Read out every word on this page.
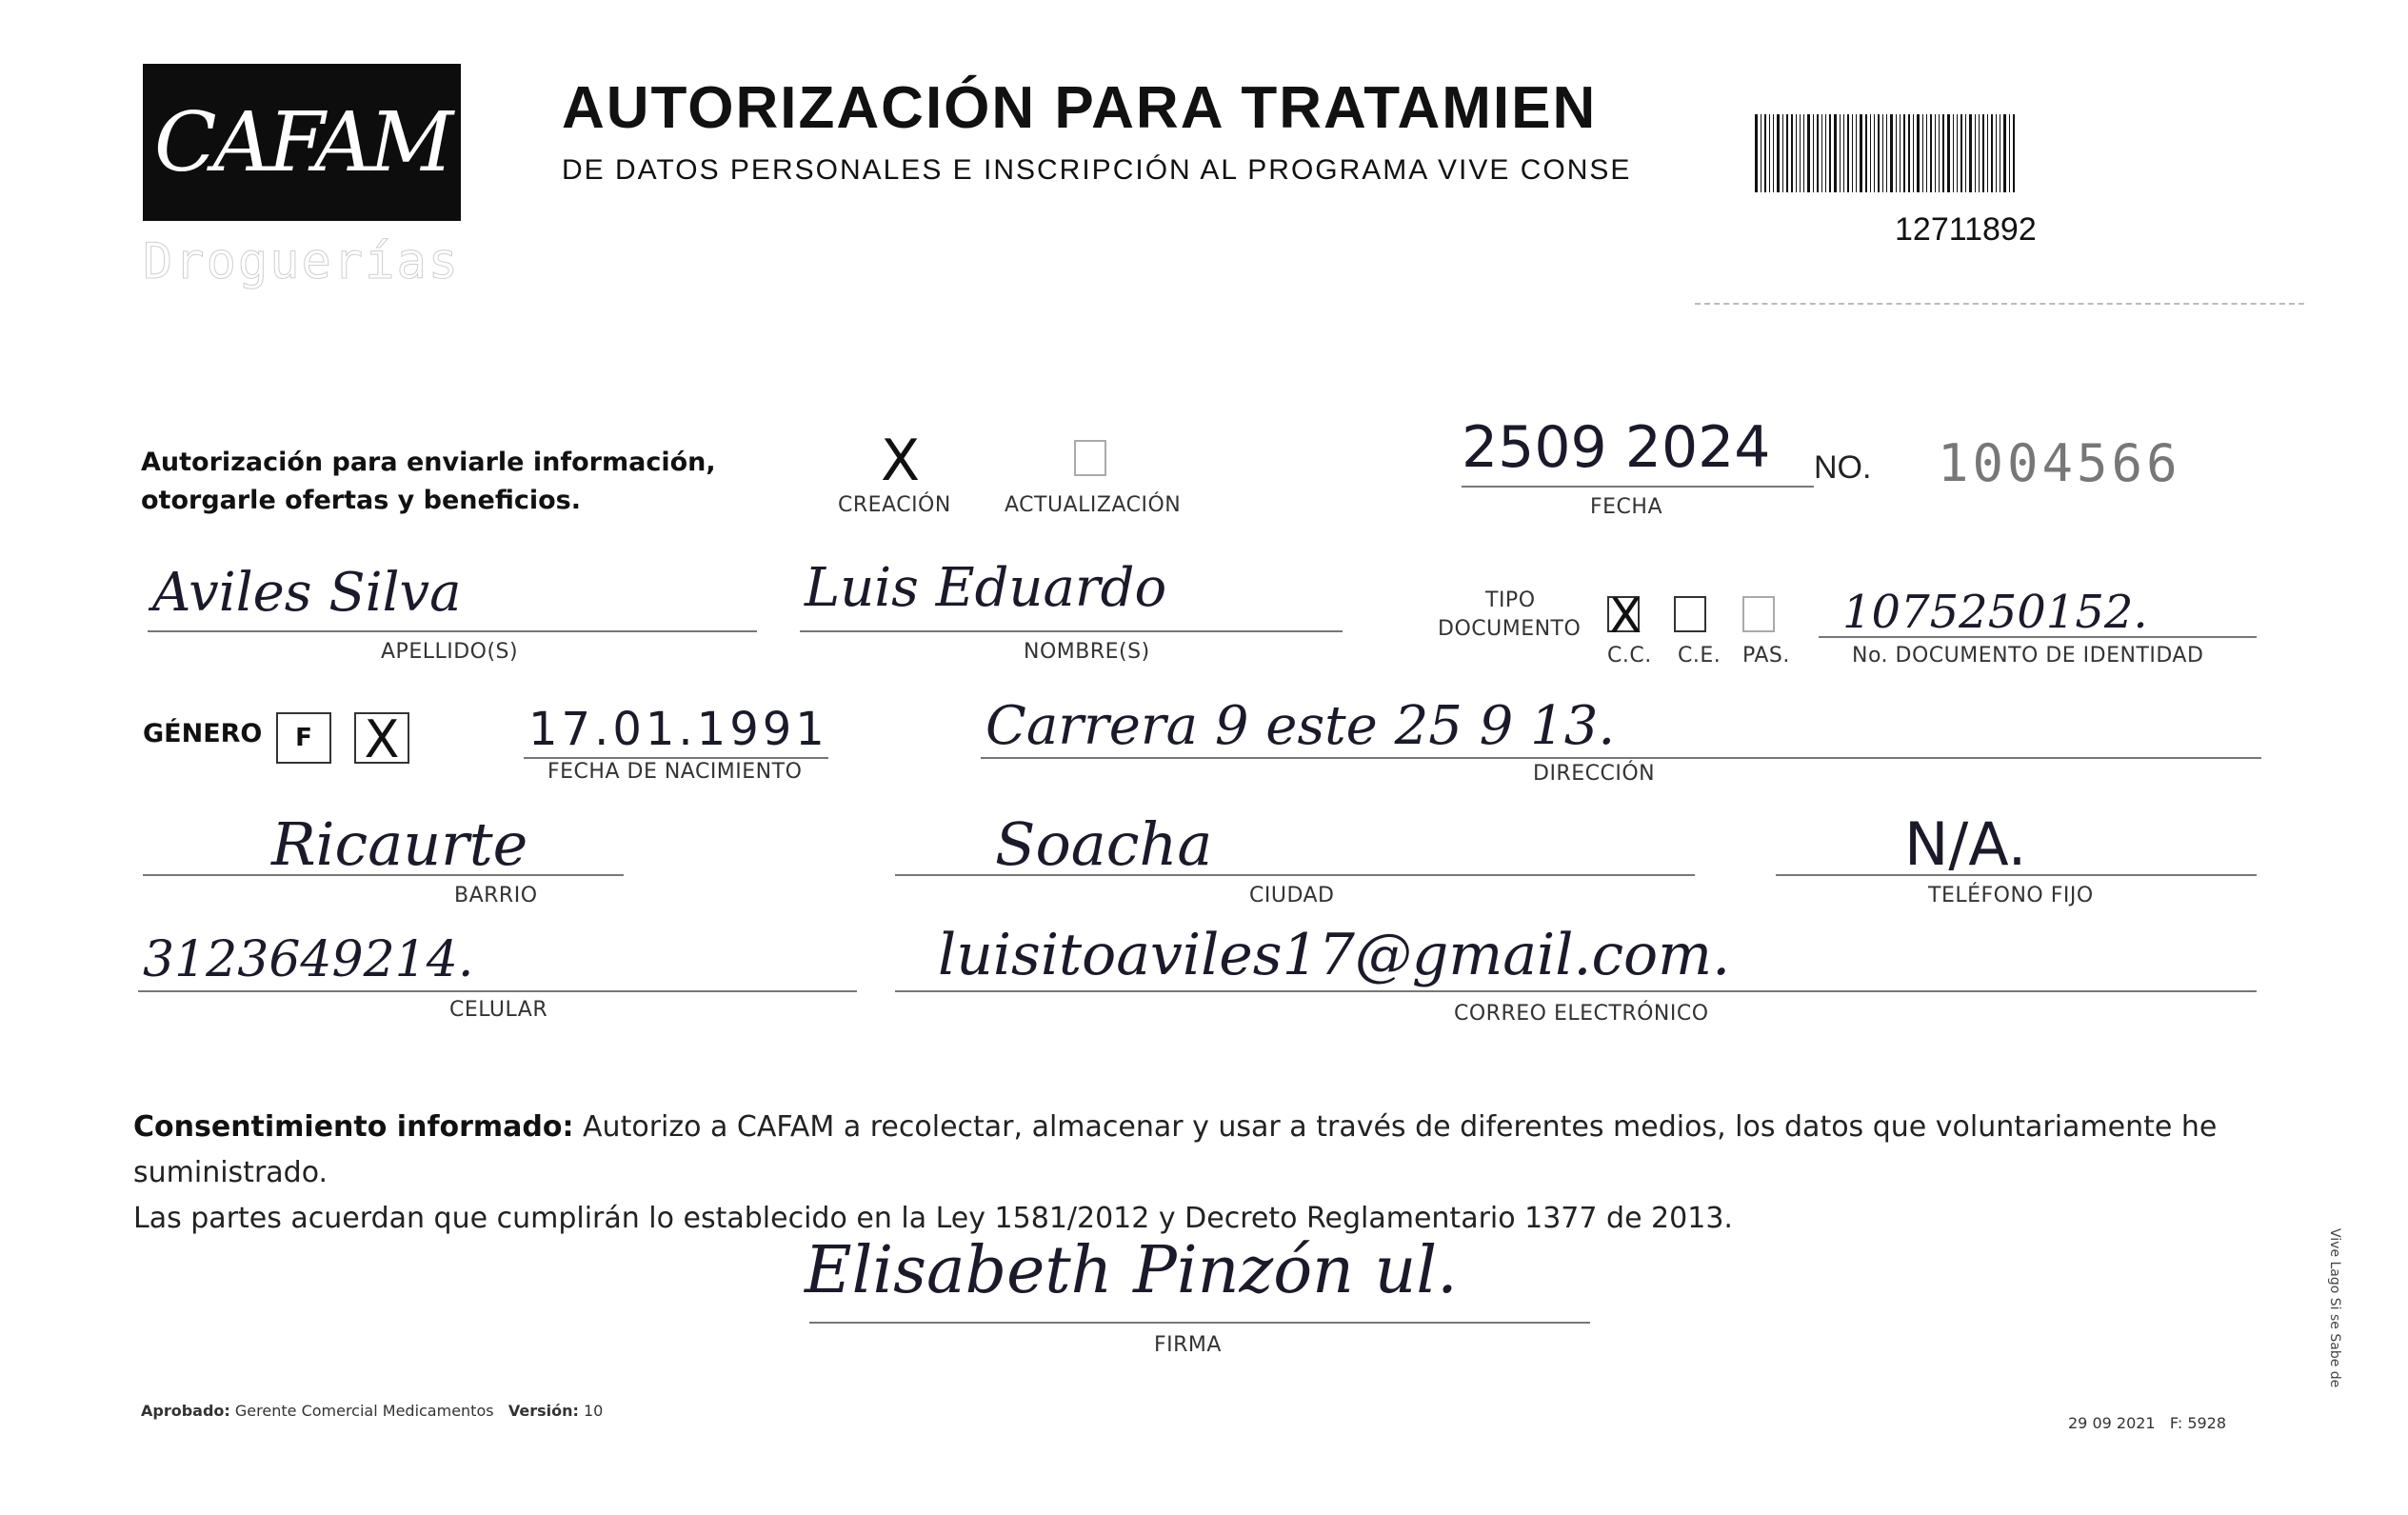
CAFAM
Droguerías
AUTORIZACIÓN PARA TRATAMIEN
DE DATOS PERSONALES E INSCRIPCIÓN AL PROGRAMA VIVE CONSE
12711892
Autorización para enviarle información,
otorgarle ofertas y beneficios.
X
CREACIÓN	ACTUALIZACIÓN
2509 2024
FECHA
NO. 1004566
Aviles Silva
APELLIDO(S)
Luis Eduardo
NOMBRE(S)
TIPO
DOCUMENTO X
C.C. C.E. PAS.
1075250152.
No. DOCUMENTO DE IDENTIDAD
GÉNERO F X	17.01.1991
FECHA DE NACIMIENTO
Carrera 9 este 25 9 13.
DIRECCIÓN
Ricaurte
BARRIO
Soacha
CIUDAD
N/A.
TELÉFONO FIJO
3123649214.
CELULAR
luisitoaviles17@gmail.com.
CORREO ELECTRÓNICO
Consentimiento informado: Autorizo a CAFAM a recolectar, almacenar y usar a través de diferentes medios, los datos que voluntariamente he suministrado.
Las partes acuerdan que cumplirán lo establecido en la Ley 1581/2012 y Decreto Reglamentario 1377 de 2013.
Elisabeth Pinzón ul.
FIRMA
Aprobado: Gerente Comercial Medicamentos Versión: 10
29 09 2021 F: 5928
Vive Lago Si se Sabe de
